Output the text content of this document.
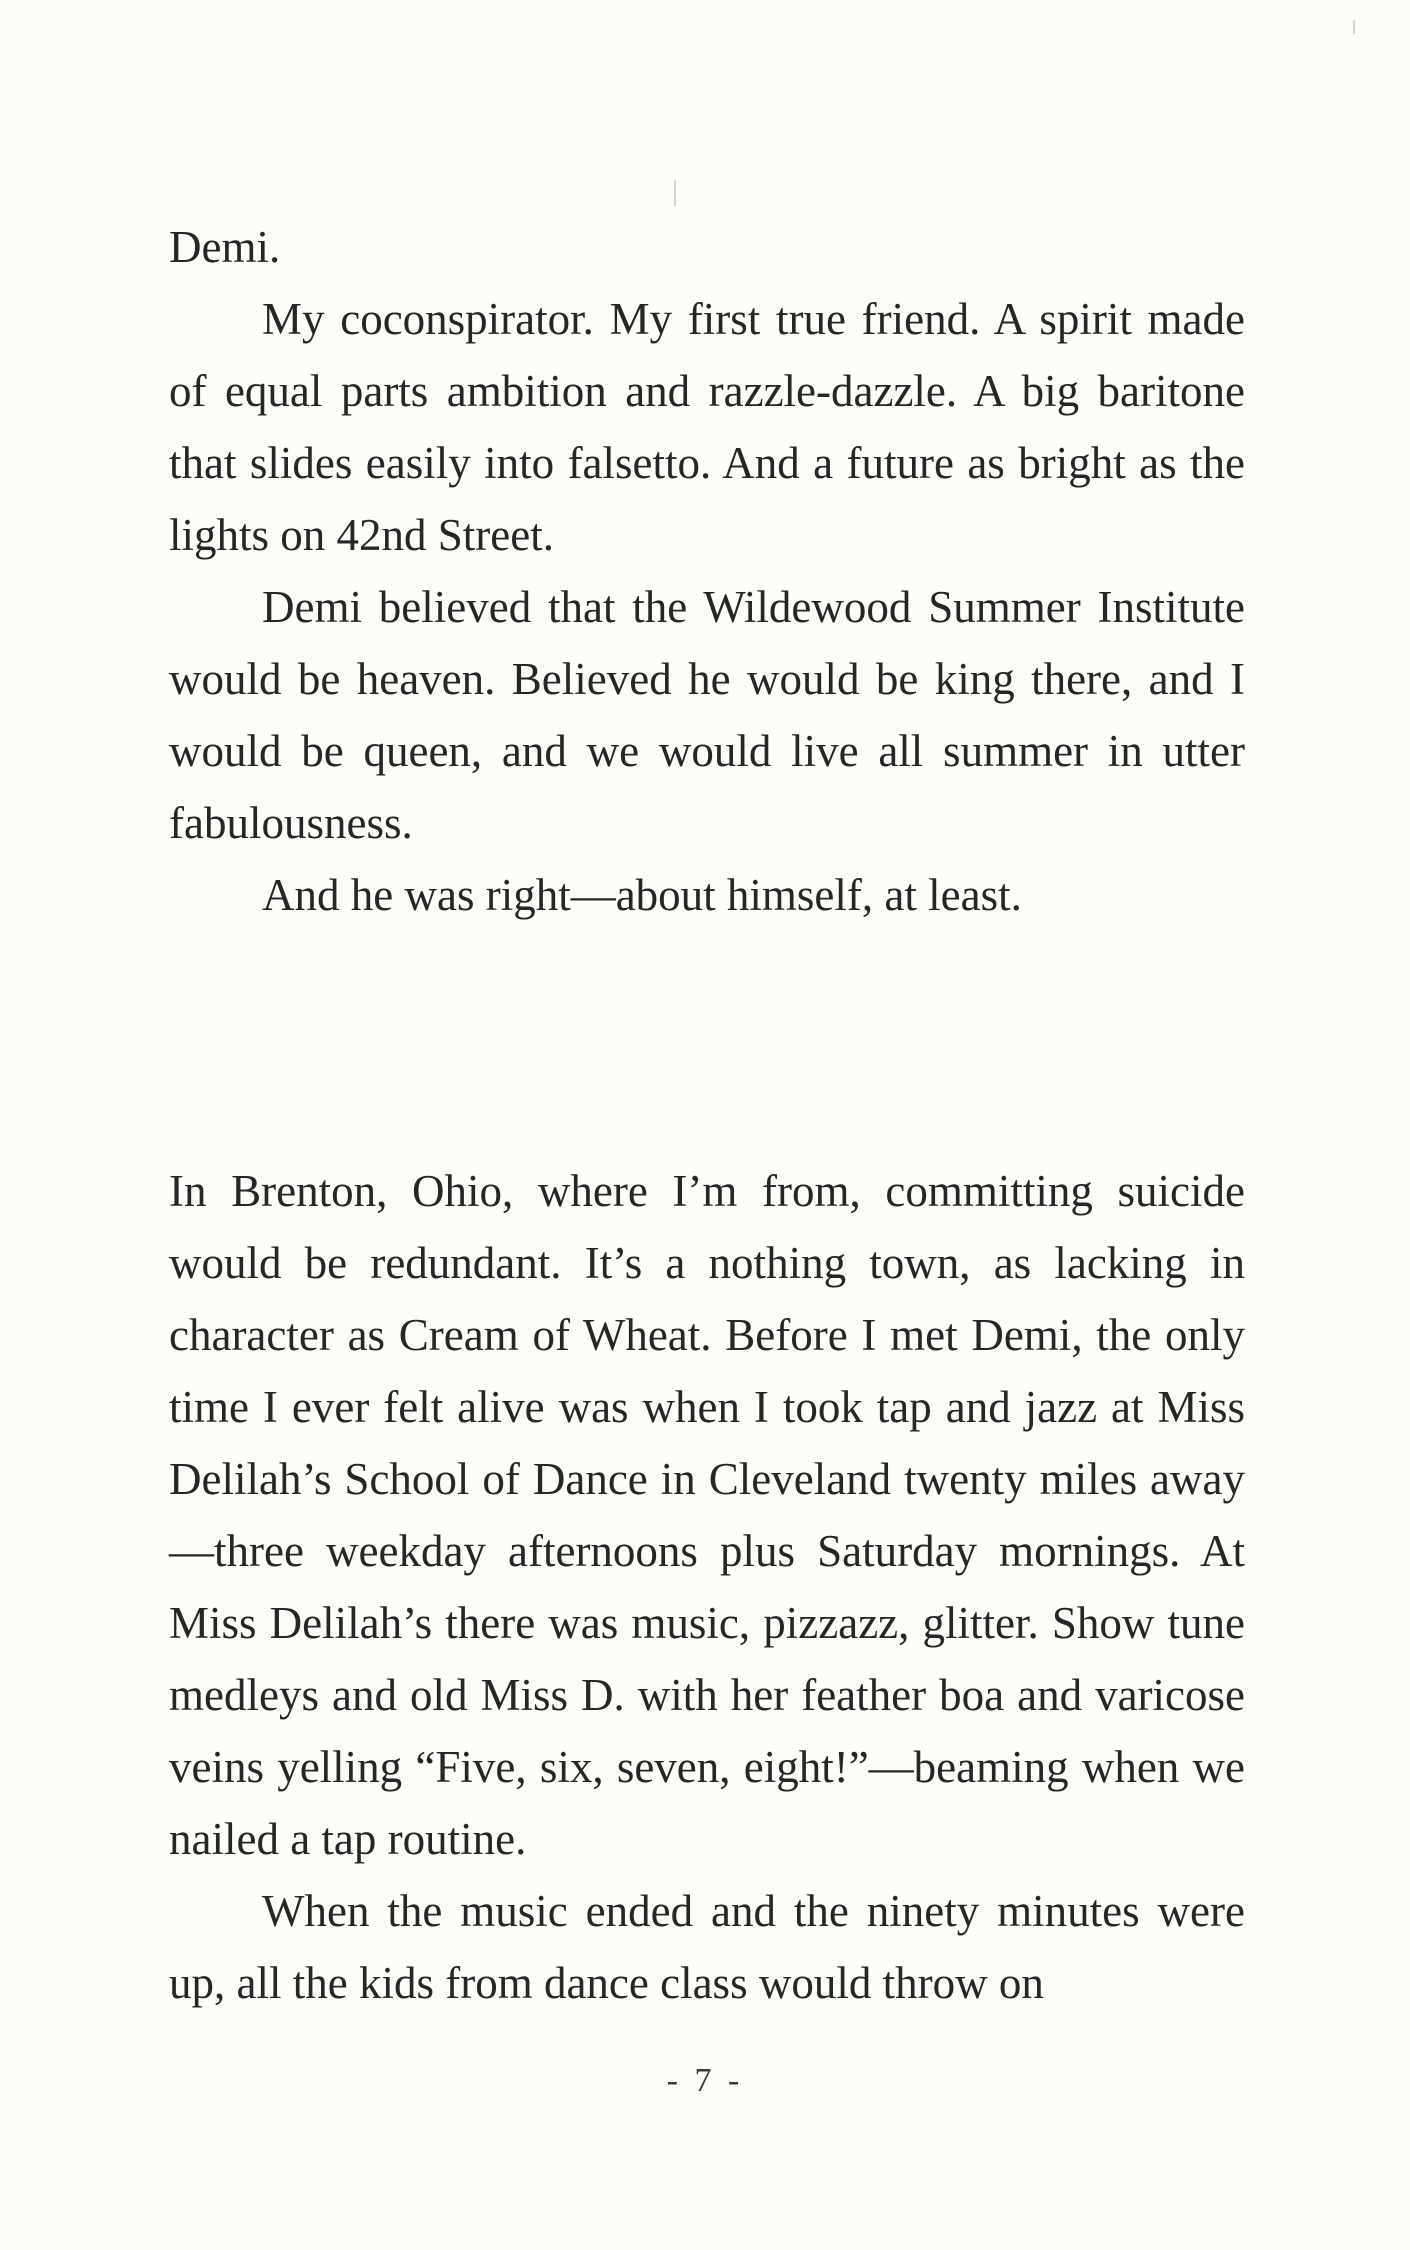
Demi.

My coconspirator. My first true friend. A spirit made of equal parts ambition and razzle-dazzle. A big baritone that slides easily into falsetto. And a future as bright as the lights on 42nd Street.

Demi believed that the Wildewood Summer Institute would be heaven. Believed he would be king there, and I would be queen, and we would live all summer in utter fabulousness.

And he was right—about himself, at least.

In Brenton, Ohio, where I’m from, committing suicide would be redundant. It’s a nothing town, as lacking in character as Cream of Wheat. Before I met Demi, the only time I ever felt alive was when I took tap and jazz at Miss Delilah’s School of Dance in Cleveland twenty miles away—three weekday afternoons plus Saturday mornings. At Miss Delilah’s there was music, pizzazz, glitter. Show tune medleys and old Miss D. with her feather boa and varicose veins yelling “Five, six, seven, eight!”—beaming when we nailed a tap routine.

When the music ended and the ninety minutes were up, all the kids from dance class would throw on

- 7 -
